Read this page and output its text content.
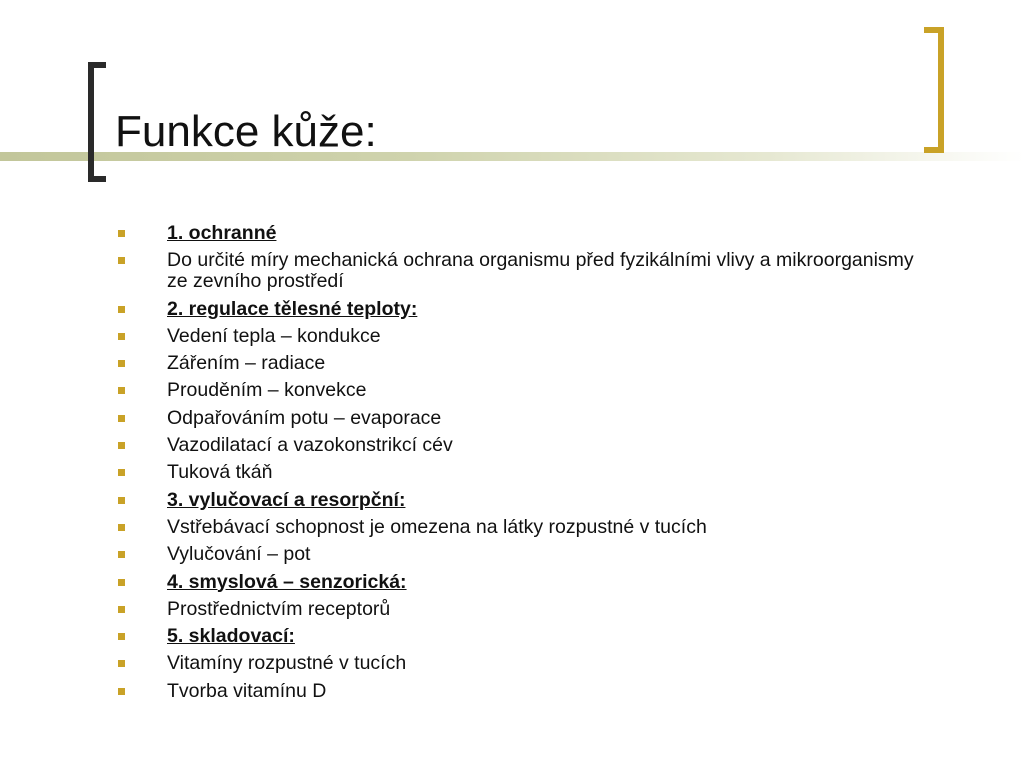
Funkce kůže:
1. ochranné
Do určité míry mechanická ochrana organismu před fyzikálními vlivy a mikroorganismy ze zevního prostředí
2. regulace tělesné teploty:
Vedení tepla – kondukce
Zářením – radiace
Prouděním – konvekce
Odpařováním potu – evaporace
Vazodilatací a vazokonstrikcí cév
Tuková tkáň
3. vylučovací a resorpční:
Vstřebávací schopnost je omezena na látky rozpustné v tucích
Vylučování – pot
4. smyslová – senzorická:
Prostřednictvím receptorů
5. skladovací:
Vitamíny rozpustné v tucích
Tvorba vitamínu D
